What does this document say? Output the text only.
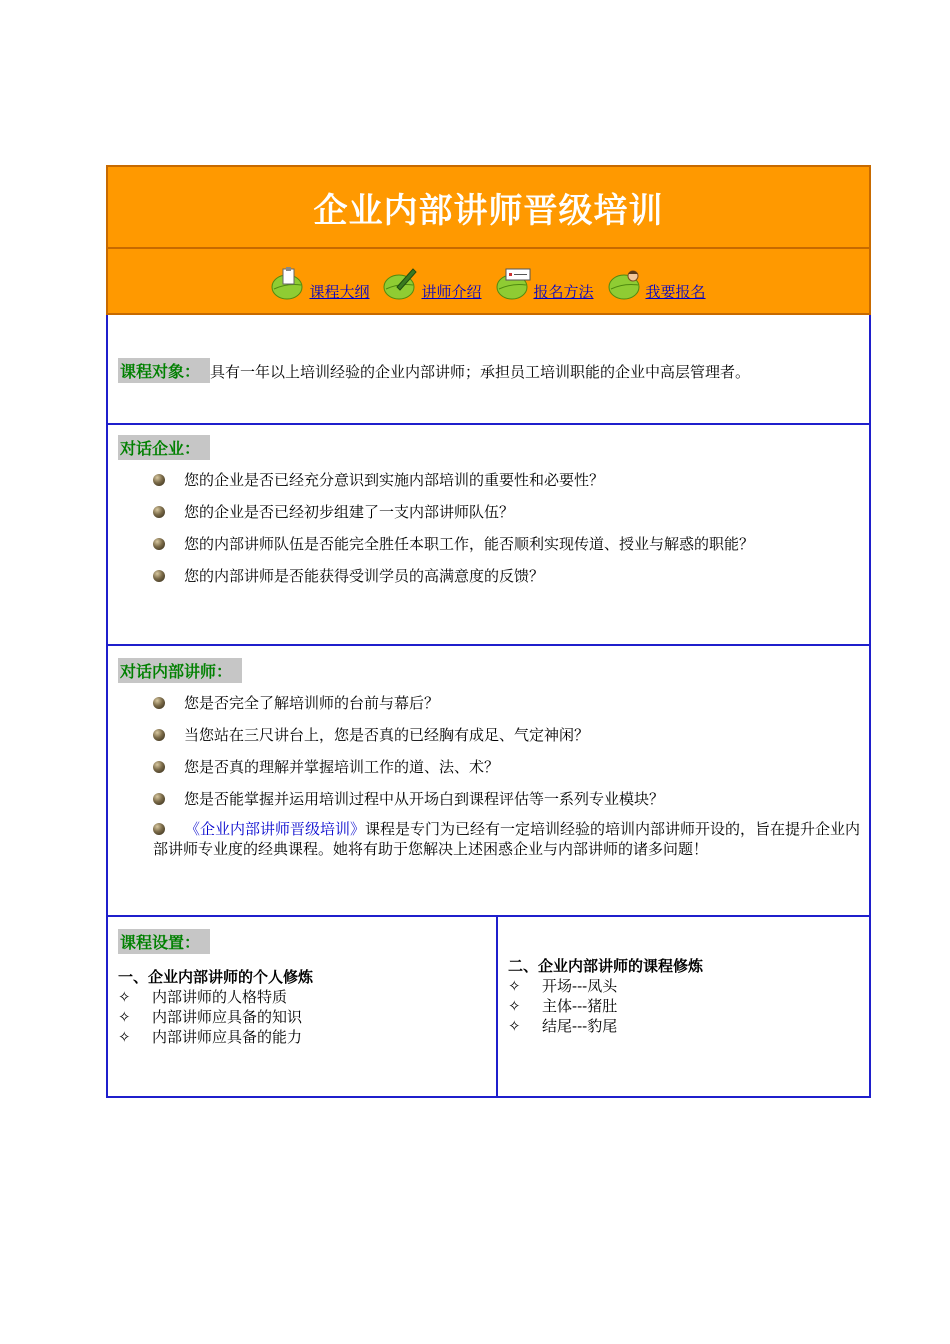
企业内部讲师晋级培训
课程大纲	讲师介绍	报名方法	我要报名
课程对象： 具有一年以上培训经验的企业内部讲师；承担员工培训职能的企业中高层管理者。
对话企业：
您的企业是否已经充分意识到实施内部培训的重要性和必要性？
您的企业是否已经初步组建了一支内部讲师队伍？
您的内部讲师队伍是否能完全胜任本职工作，能否顺利实现传道、授业与解惑的职能？
您的内部讲师是否能获得受训学员的高满意度的反馈？
对话内部讲师：
您是否完全了解培训师的台前与幕后？
当您站在三尺讲台上，您是否真的已经胸有成足、气定神闲？
您是否真的理解并掌握培训工作的道、法、术？
您是否能掌握并运用培训过程中从开场白到课程评估等一系列专业模块？
《企业内部讲师晋级培训》课程是专门为已经有一定培训经验的培训内部讲师开设的，旨在提升企业内部讲师专业度的经典课程。她将有助于您解决上述困惑企业与内部讲师的诸多问题！
课程设置：
一、企业内部讲师的个人修炼
✧ 内部讲师的人格特质
✧ 内部讲师应具备的知识
✧ 内部讲师应具备的能力
二、企业内部讲师的课程修炼
✧ 开场---凤头
✧ 主体---猪肚
✧ 结尾---豹尾
